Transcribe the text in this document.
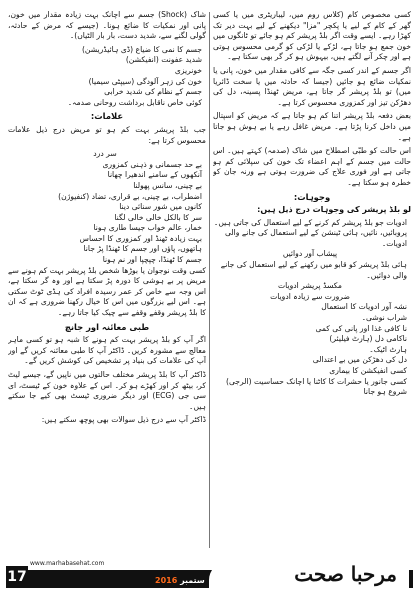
کسی مخصوص کام (کلاس روم میں، لیباریٹری میں یا کسی گھر کے کام کے لیے یا پکچر "مزا" دیکھنے کے لیے بہت دیر تک کھڑا رہے۔ ایسے وقت اگر بلڈ پریشر کم ہو جائے تو ٹانگوں میں خون جمع ہو جاتا ہے، لڑکے یا لڑکی کو گرمی محسوس ہوتی ہے اور چکر آنے لگتے ہیں، بیہوش ہو کر گر بھی سکتا ہے۔

اگر جسم کے اندر کسی جگہ سے کافی مقدار میں خون، پانی یا نمکیات ضائع ہو جائیں (جیسا کہ حادثہ میں یا سخت ڈائریا میں) تو بلڈ پریشر گر جاتا ہے، مریض ٹھنڈا پسینہ، دل کی دھڑکن تیز اور کمزوری محسوس کرتا ہے۔

بعض دفعہ بلڈ پریشر اتنا کم ہو جاتا ہے کہ مریض کو اسپتال میں داخل کرنا پڑتا ہے۔ مریض غافل رہے یا بے ہوش ہو جاتا ہے۔

اس حالت کو طبّی اصطلاح میں شاک (صدمہ) کہتے ہیں۔ اس حالت میں جسم کے اہم اعضاء تک خون کی سپلائی کم ہو جاتی ہے اور فوری علاج کی ضرورت ہوتی ہے ورنہ جان کو خطرہ ہو سکتا ہے۔

وجوہات:
لو بلڈ پریشر کی وجوہات درج ذیل ہیں:
ادویات جو بلڈ پریشر کم کرنے کے لیے استعمال کی جاتی ہیں۔
پروبائیں، نائیں، ہائی ٹینشن کے لیے استعمال کی جانے والی ادویات۔
پیشاب آور دوائیں
ہائی بلڈ پریشر کو قابو میں رکھنے کے لیے استعمال کی جانے والی دوائیں۔
مکسڈ پریشر ادویات
ضرورت سے زیادہ ادویات
نشہ آور ادویات کا استعمال
شراب نوشی۔
نا کافی غذا اور پانی کی کمی
ناکامی دل (ہارٹ فیلیئر)
ہارٹ اٹیک۔
دل کی دھڑکن میں بے اعتدالی
کسی انفیکشن کا بیماری
کسی جانور یا حشرات کا کاٹنا یا اچانک حساسیت (الرجی) شروع ہو جانا

شاک (Shock) جسم سے اچانک بہت زیادہ مقدار میں خون، پانی اور نمکیات کا ضائع ہونا۔ (جیسے کہ مرض کے حادثہ، گولی لگنے سے، شدید دست، بار بار الٹیاں)۔

جسم کا نمی کا ضیاع (ڈی ہائیڈریشن)
شدید عفونت (انفیکشن)
خونریزی
خون کی زہر آلودگی (سیپٹی سیمیا)
جسم کے نظام کی شدید خرابی
کوئی خاص ناقابل برداشت روحانی صدمہ۔
علامات:

جب بلڈ پریشر بہت کم ہو تو مریض درج ذیل علامات محسوس کرتا ہے:

سر درد
بے حد جسمانی و ذہنی کمزوری
آنکھوں کے سامنے اندھیرا چھانا
بے چینی، سانس پھولنا
اضطراب، بے چینی، بے قراری، تضاد (کنفیوژن)
کانوں میں شور سنائی دینا
سر کا بالکل خالی خالی لگنا
خمار، عالم خواب جیسا طاری ہونا
بہت زیادہ ٹھنڈ اور کمزوری کا احساس
ہاتھوں، پاؤں اور جسم کا ٹھنڈا پڑ جانا
جسم کا ٹھنڈا، چپچپا اور نم ہونا

کسی وقت نوجوان یا بوڑھا شخص بلڈ پریشر بہت کم ہونے سے مریض پر بے ہوشی کا دورہ پڑ سکتا ہے اور وہ گر سکتا ہے، اس وجہ سے خاص کر عمر رسیدہ افراد کی ہڈی ٹوٹ سکتی ہے۔ اس لیے بزرگوں میں اس کا خیال رکھنا ضروری ہے کہ ان کا بلڈ پریشر وقفے وقفے سے چیک کیا جاتا رہے۔

طبی معائنہ اور جانچ

اگر آپ کو بلڈ پریشر بہت کم ہونے کا شبہ ہو تو کسی ماہر معالج سے مشورہ کریں۔ ڈاکٹر آپ کا طبی معائنہ کریں گے اور آپ کی علامات کی بنیاد پر تشخیص کی کوشش کریں گے۔

ڈاکٹر آپ کا بلڈ پریشر مختلف حالتوں میں ناپیں گے، جیسے لیٹ کر، بیٹھ کر اور کھڑے ہو کر۔ اس کے علاوہ خون کے ٹیسٹ، ای سی جی (ECG) اور دیگر ضروری ٹیسٹ بھی کیے جا سکتے ہیں۔

ڈاکٹر آپ سے درج ذیل سوالات بھی پوچھ سکتے ہیں:

www.marhabasehat.com
17	ستمبر 2016	مرحبا صحت
